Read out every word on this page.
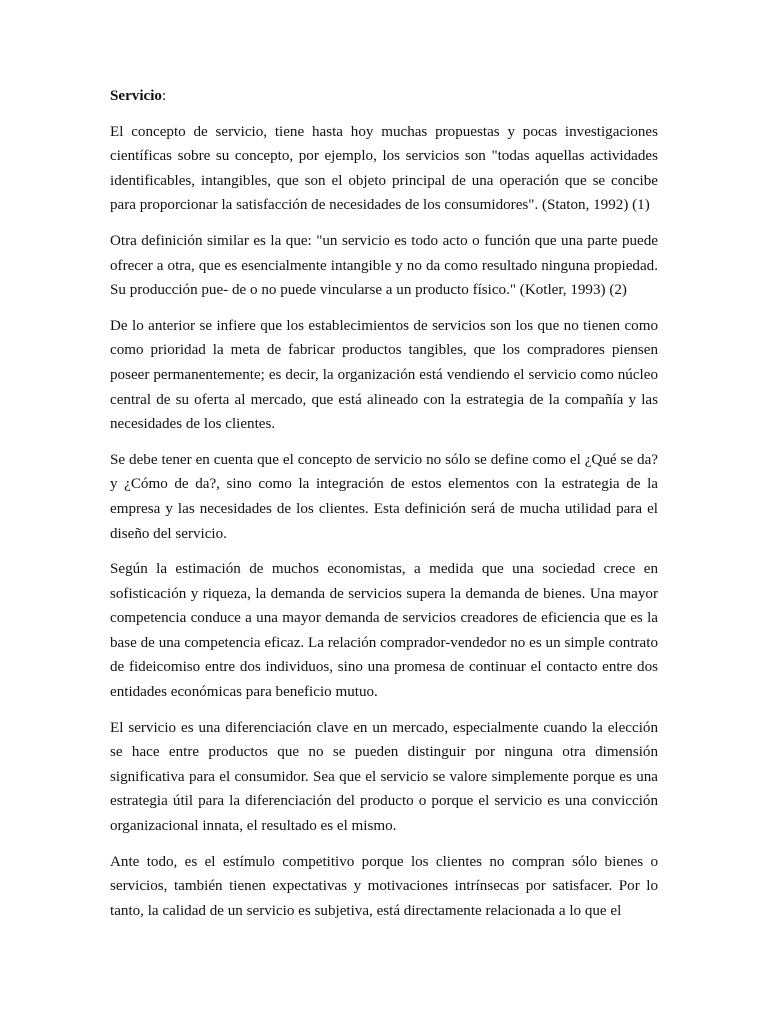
Servicio:

El concepto de servicio, tiene hasta hoy muchas propuestas y pocas investigaciones científicas sobre su concepto, por ejemplo, los servicios son "todas aquellas actividades identificables, intangibles, que son el objeto principal de una operación que se concibe para proporcionar la satisfacción de necesidades de los consumidores". (Staton, 1992) (1)

Otra definición similar es la que: "un servicio es todo acto o función que una parte puede ofrecer a otra, que es esencialmente intangible y no da como resultado ninguna propiedad. Su producción pue- de o no puede vincularse a un producto físico." (Kotler, 1993) (2)

De lo anterior se infiere que los establecimientos de servicios son los que no tienen como como prioridad la meta de fabricar productos tangibles, que los compradores piensen poseer permanentemente; es decir, la organización está vendiendo el servicio como núcleo central de su oferta al mercado, que está alineado con la estrategia de la compañía y las necesidades de los clientes.

Se debe tener en cuenta que el concepto de servicio no sólo se define como el ¿Qué se da? y ¿Cómo de da?, sino como la integración de estos elementos con la estrategia de la empresa y las necesidades de los clientes. Esta definición será de mucha utilidad para el diseño del servicio.

Según la estimación de muchos economistas, a medida que una sociedad crece en sofisticación y riqueza, la demanda de servicios supera la demanda de bienes. Una mayor competencia conduce a una mayor demanda de servicios creadores de eficiencia que es la base de una competencia eficaz. La relación comprador-vendedor no es un simple contrato de fideicomiso entre dos individuos, sino una promesa de continuar el contacto entre dos entidades económicas para beneficio mutuo.

El servicio es una diferenciación clave en un mercado, especialmente cuando la elección se hace entre productos que no se pueden distinguir por ninguna otra dimensión significativa para el consumidor. Sea que el servicio se valore simplemente porque es una estrategia útil para la diferenciación del producto o porque el servicio es una convicción organizacional innata, el resultado es el mismo.

Ante todo, es el estímulo competitivo porque los clientes no compran sólo bienes o servicios, también tienen expectativas y motivaciones intrínsecas por satisfacer. Por lo tanto, la calidad de un servicio es subjetiva, está directamente relacionada a lo que el
